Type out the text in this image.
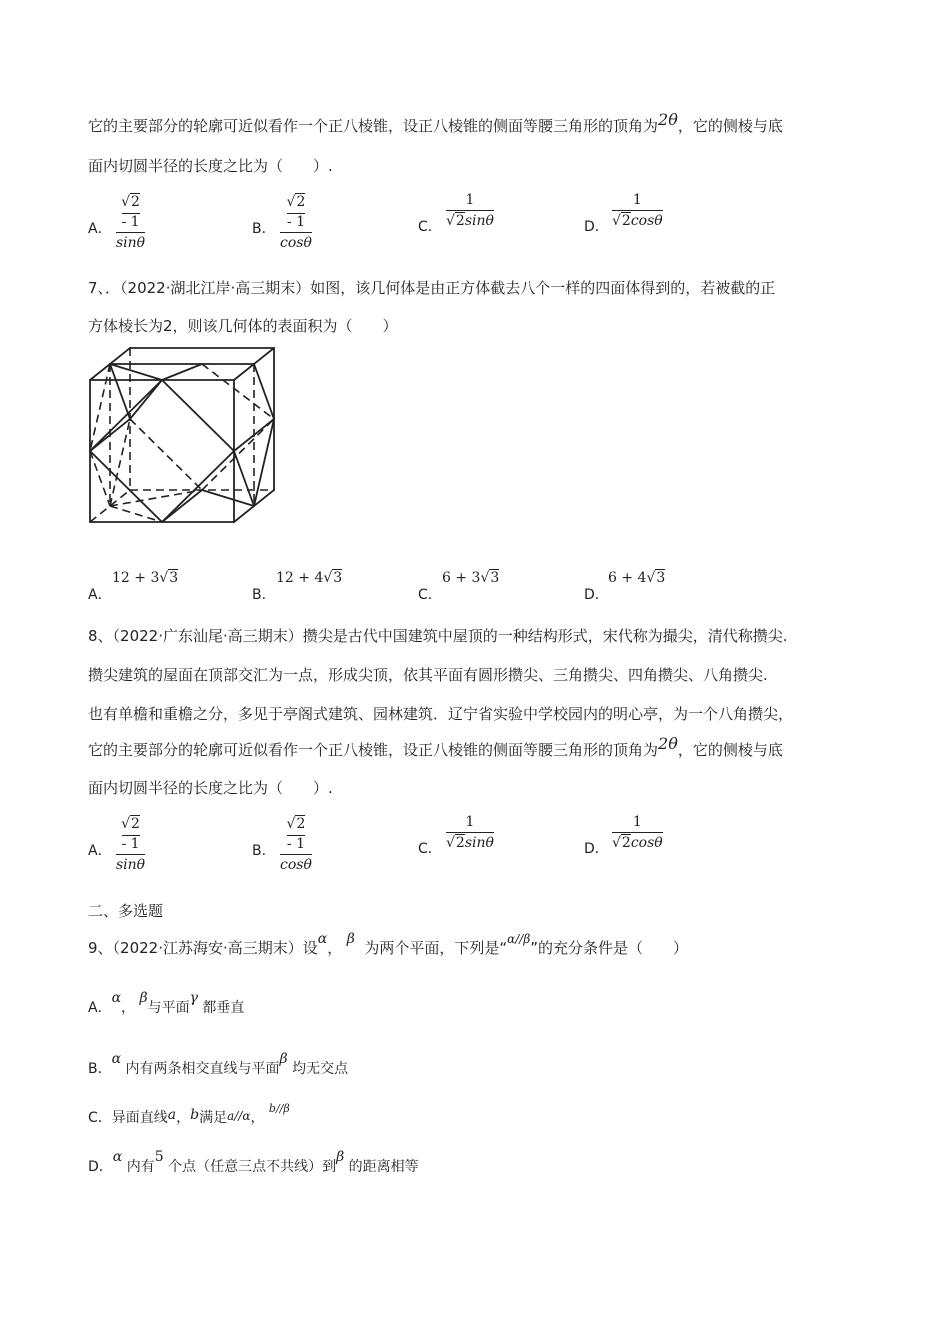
它的主要部分的轮廓可近似看作一个正八棱锥，设正八棱锥的侧面等腰三角形的顶角为2θ，它的侧棱与底
面内切圆半径的长度之比为（　　）.
A．
√2 - 1
sinθ
B．
√2 - 1
cosθ
C．
1
√2sinθ	D．
1
√2cosθ
7、．（2022·湖北江岸·高三期末）如图，该几何体是由正方体截去八个一样的四面体得到的，若被截的正
方体棱长为2，则该几何体的表面积为（　　）
A．
12 + 3√3
B．
12 + 4√3
C．
6 + 3√3
D．
6 + 4√3
8、（2022·广东汕尾·高三期末）攒尖是古代中国建筑中屋顶的一种结构形式，宋代称为撮尖，清代称攒尖.
攒尖建筑的屋面在顶部交汇为一点，形成尖顶，依其平面有圆形攒尖、三角攒尖、四角攒尖、八角攒尖.
也有单檐和重檐之分，多见于亭阁式建筑、园林建筑．辽宁省实验中学校园内的明心亭，为一个八角攒尖，
它的主要部分的轮廓可近似看作一个正八棱锥，设正八棱锥的侧面等腰三角形的顶角为2θ，它的侧棱与底
面内切圆半径的长度之比为（　　）.
A．
√2 - 1
sinθ
B．
√2 - 1
cosθ
C．
1
√2sinθ	D．
1
√2cosθ
二、多选题
9、（2022·江苏海安·高三期末）设α， β 为两个平面，下列是“$^{\alpha//\beta}$”的充分条件是（　　）
A．α， β与平面γ 都垂直
B．α 内有两条相交直线与平面β 均无交点
C．异面直线a，b满足a//α， $^{b//\beta}$
D．α 内有5 个点（任意三点不共线）到β 的距离相等
